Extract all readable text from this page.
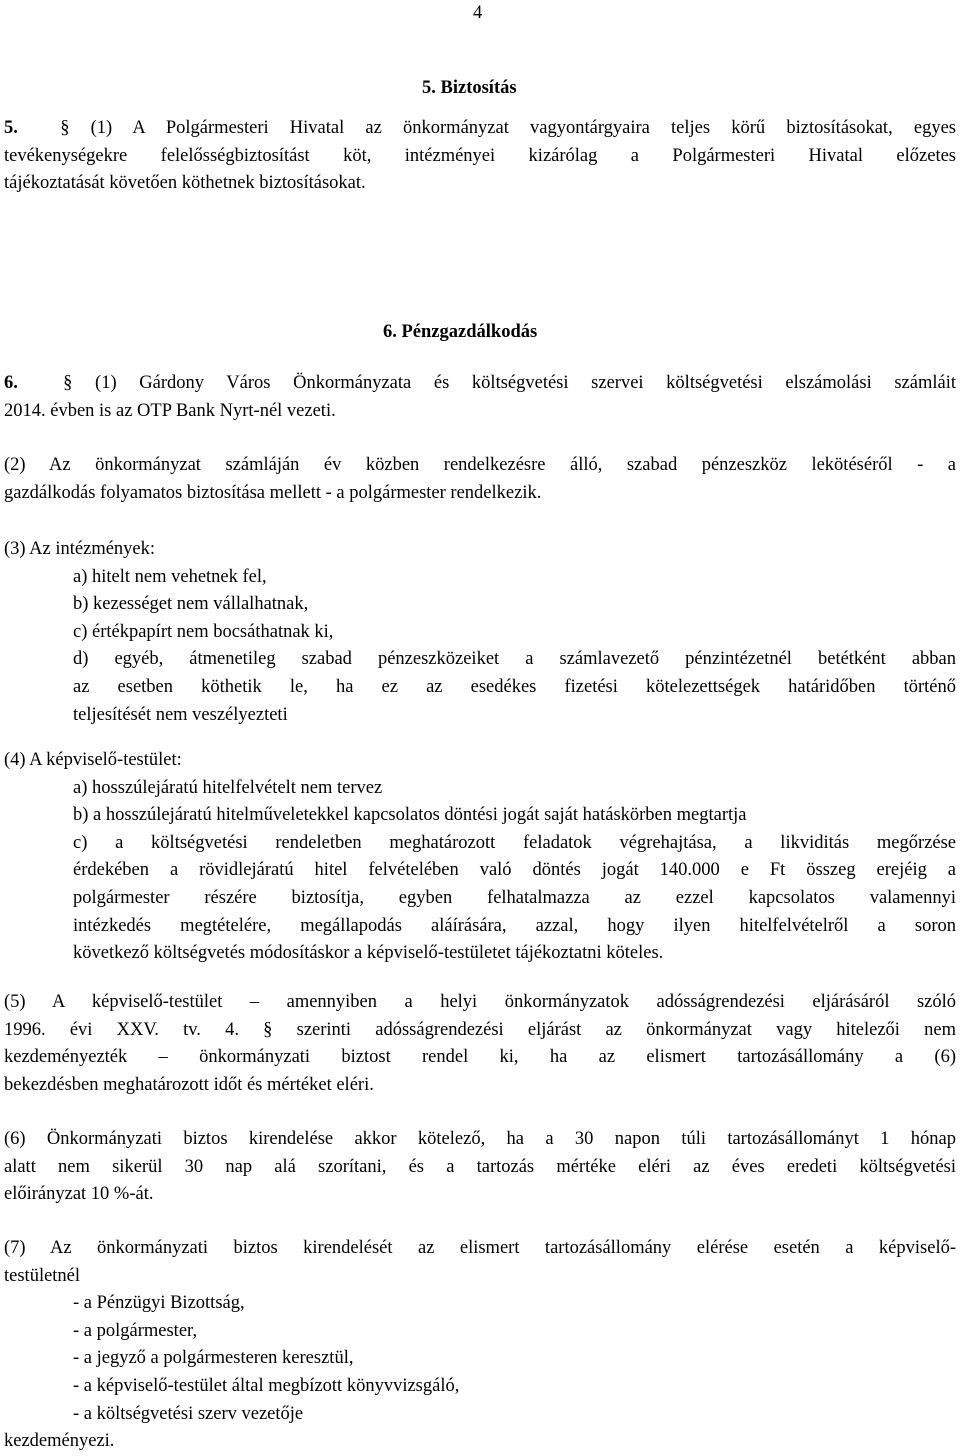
4
5. Biztosítás
5. § (1) A Polgármesteri Hivatal az önkormányzat vagyontárgyaira teljes körű biztosításokat, egyes
tevékenységekre felelősségbiztosítást köt, intézményei kizárólag a Polgármesteri Hivatal előzetes
tájékoztatását követően köthetnek biztosításokat.
6. Pénzgazdálkodás
6. § (1) Gárdony Város Önkormányzata és költségvetési szervei költségvetési elszámolási számláit
2014. évben is az OTP Bank Nyrt-nél vezeti.
(2) Az önkormányzat számláján év közben rendelkezésre álló, szabad pénzeszköz lekötéséről - a
gazdálkodás folyamatos biztosítása mellett - a polgármester rendelkezik.
(3) Az intézmények:
a) hitelt nem vehetnek fel,
b) kezességet nem vállalhatnak,
c) értékpapírt nem bocsáthatnak ki,
d) egyéb, átmenetileg szabad pénzeszközeiket a számlavezető pénzintézetnél betétként abban
az esetben köthetik le, ha ez az esedékes fizetési kötelezettségek határidőben történő
teljesítését nem veszélyezteti
(4) A képviselő-testület:
a) hosszúlejáratú hitelfelvételt nem tervez
b) a hosszúlejáratú hitelműveletekkel kapcsolatos döntési jogát saját hatáskörben megtartja
c) a költségvetési rendeletben meghatározott feladatok végrehajtása, a likviditás megőrzése
érdekében a rövidlejáratú hitel felvételében való döntés jogát 140.000 e Ft összeg erejéig a
polgármester részére biztosítja, egyben felhatalmazza az ezzel kapcsolatos valamennyi
intézkedés megtételére, megállapodás aláírására, azzal, hogy ilyen hitelfelvételről a soron
következő költségvetés módosításkor a képviselő-testületet tájékoztatni köteles.
(5) A képviselő-testület – amennyiben a helyi önkormányzatok adósságrendezési eljárásáról szóló
1996. évi XXV. tv. 4. § szerinti adósságrendezési eljárást az önkormányzat vagy hitelezői nem
kezdeményezték – önkormányzati biztost rendel ki, ha az elismert tartozásállomány a (6)
bekezdésben meghatározott időt és mértéket eléri.
(6) Önkormányzati biztos kirendelése akkor kötelező, ha a 30 napon túli tartozásállományt 1 hónap
alatt nem sikerül 30 nap alá szorítani, és a tartozás mértéke eléri az éves eredeti költségvetési
előirányzat 10 %-át.
(7) Az önkormányzati biztos kirendelését az elismert tartozásállomány elérése esetén a képviselő-
testületnél
- a Pénzügyi Bizottság,
- a polgármester,
- a jegyző a polgármesteren keresztül,
- a képviselő-testület által megbízott könyvvizsgáló,
- a költségvetési szerv vezetője
kezdeményezi.
